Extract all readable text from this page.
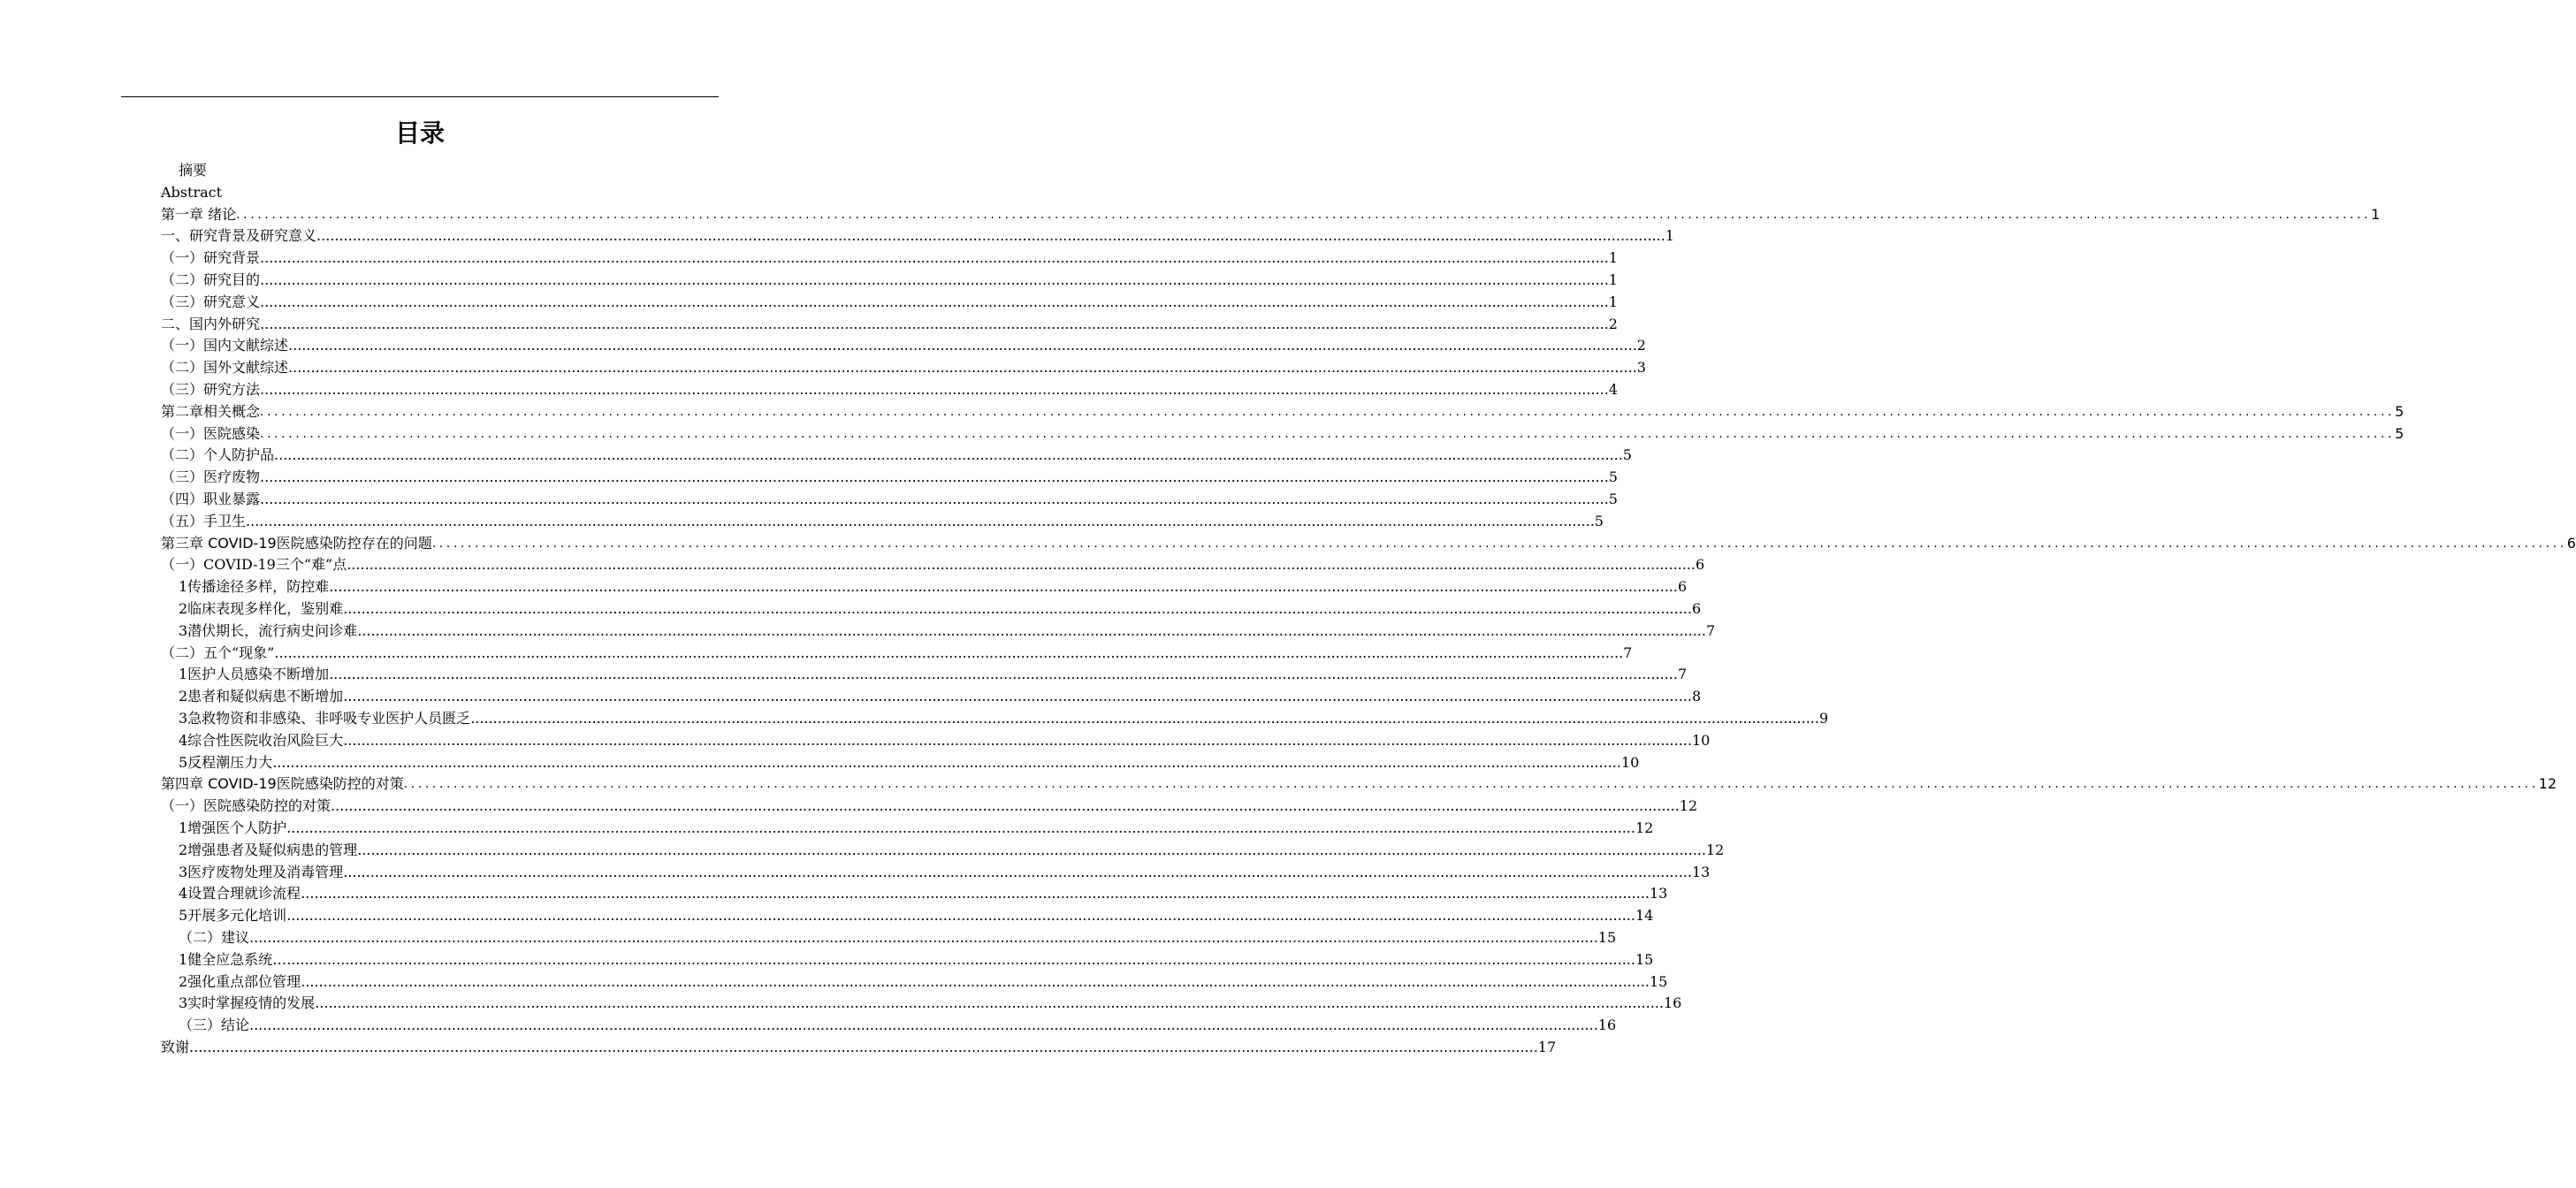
目录
摘要
Abstract
第一章 绪论 ............................................................................................................................................................................................................................................................................................................ 1
一、研究背景及研究意义 ............................................................................................................................................................................................................................................................................................................ 1
（一）研究背景 ............................................................................................................................................................................................................................................................................................................ 1
（二）研究目的 ............................................................................................................................................................................................................................................................................................................ 1
（三）研究意义 ............................................................................................................................................................................................................................................................................................................ 1
二、国内外研究 ............................................................................................................................................................................................................................................................................................................ 2
（一）国内文献综述 ............................................................................................................................................................................................................................................................................................................ 2
（二）国外文献综述 ............................................................................................................................................................................................................................................................................................................ 3
（三）研究方法 ............................................................................................................................................................................................................................................................................................................ 4
第二章相关概念 ............................................................................................................................................................................................................................................................................................................ 5
（一）医院感染 ............................................................................................................................................................................................................................................................................................................ 5
（二）个人防护品 ............................................................................................................................................................................................................................................................................................................ 5
（三）医疗废物 ............................................................................................................................................................................................................................................................................................................ 5
（四）职业暴露 ............................................................................................................................................................................................................................................................................................................ 5
（五）手卫生 ............................................................................................................................................................................................................................................................................................................ 5
第三章 COVID-19医院感染防控存在的问题 ............................................................................................................................................................................................................................................................................................................ 6
（一）COVID-19三个“难”点 ............................................................................................................................................................................................................................................................................................................ 6
1传播途径多样，防控难 ............................................................................................................................................................................................................................................................................................................ 6
2临床表现多样化，鉴别难 ............................................................................................................................................................................................................................................................................................................ 6
3潜伏期长，流行病史问诊难 ............................................................................................................................................................................................................................................................................................................ 7
（二）五个“现象” ............................................................................................................................................................................................................................................................................................................ 7
1医护人员感染不断增加 ............................................................................................................................................................................................................................................................................................................ 7
2患者和疑似病患不断增加 ............................................................................................................................................................................................................................................................................................................ 8
3急救物资和非感染、非呼吸专业医护人员匮乏 ............................................................................................................................................................................................................................................................................................................ 9
4综合性医院收治风险巨大 ............................................................................................................................................................................................................................................................................................................ 10
5反程潮压力大 ............................................................................................................................................................................................................................................................................................................ 10
第四章 COVID-19医院感染防控的对策 ............................................................................................................................................................................................................................................................................................................ 12
（一）医院感染防控的对策 ............................................................................................................................................................................................................................................................................................................ 12
1增强医个人防护 ............................................................................................................................................................................................................................................................................................................ 12
2增强患者及疑似病患的管理 ............................................................................................................................................................................................................................................................................................................ 12
3医疗废物处理及消毒管理 ............................................................................................................................................................................................................................................................................................................ 13
4设置合理就诊流程 ............................................................................................................................................................................................................................................................................................................ 13
5开展多元化培训 ............................................................................................................................................................................................................................................................................................................ 14
（二）建议 ............................................................................................................................................................................................................................................................................................................ 15
1健全应急系统… ............................................................................................................................................................................................................................................................................................................ 15
2强化重点部位管理 ............................................................................................................................................................................................................................................................................................................ 15
3实时掌握疫情的发展 ............................................................................................................................................................................................................................................................................................................ 16
（三）结论 ............................................................................................................................................................................................................................................................................................................ 16
致谢 ............................................................................................................................................................................................................................................................................................................ 17
